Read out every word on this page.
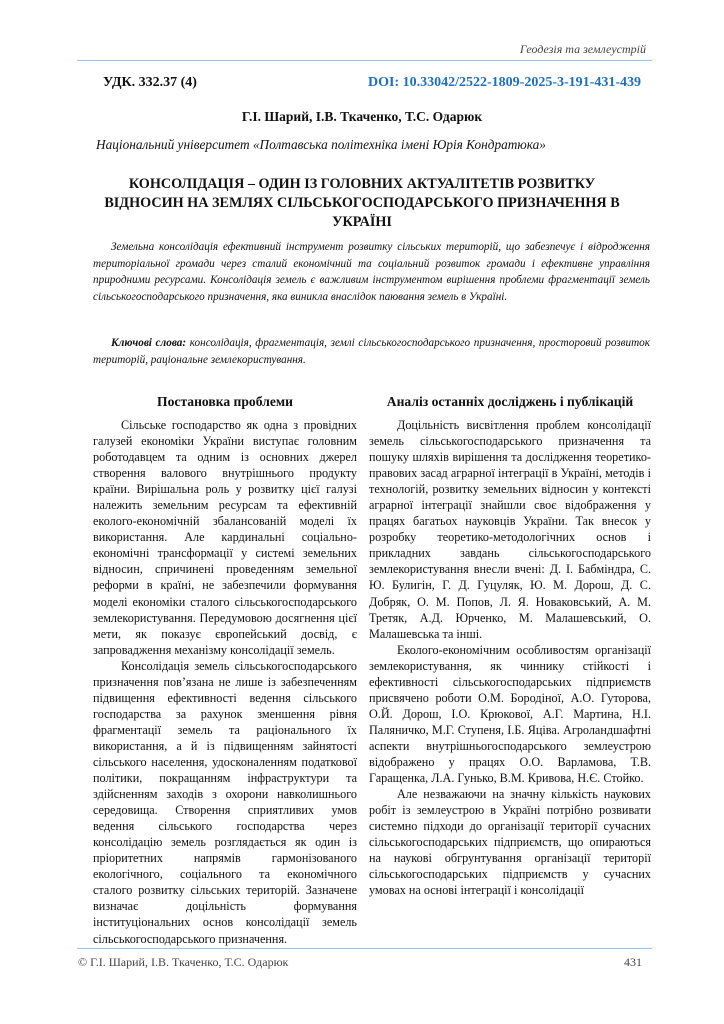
Геодезія та землеустрій
УДК. 332.37 (4)	DOI: 10.33042/2522-1809-2025-3-191-431-439
Г.І. Шарий, І.В. Ткаченко, Т.С. Одарюк
Національний університет «Полтавська політехніка імені Юрія Кондратюка»
КОНСОЛІДАЦІЯ – ОДИН ІЗ ГОЛОВНИХ АКТУАЛІТЕТІВ РОЗВИТКУ
ВІДНОСИН НА ЗЕМЛЯХ СІЛЬСЬКОГОСПОДАРСЬКОГО ПРИЗНАЧЕННЯ В
УКРАЇНІ

Земельна консолідація ефективний інструмент розвитку сільських територій, що забезпечує і відродження територіальної громади через сталий економічний та соціальний розвиток громади і ефективне управління природними ресурсами. Консолідація земель є важливим інструментом вирішення проблеми фрагментації земель сільськогосподарського призначення, яка виникла внаслідок паювання земель в Україні.

Ключові слова: консолідація, фрагментація, землі сільськогосподарського призначення, просторовий розвиток територій, раціональне землекористування.

Постановка проблеми

Сільське господарство як одна з провідних галузей економіки України виступає головним роботодавцем та одним із основних джерел створення валового внутрішнього продукту країни. Вирішальна роль у розвитку цієї галузі належить земельним ресурсам та ефективній еколого-економічній збалансованій моделі їх використання. Але кардинальні соціально-економічні трансформації у системі земельних відносин, спричинені проведенням земельної реформи в країні, не забезпечили формування моделі економіки сталого сільськогосподарського землекористування. Передумовою досягнення цієї мети, як показує європейський досвід, є запровадження механізму консолідації земель.

Консолідація земель сільськогосподарського призначення пов’язана не лише із забезпеченням підвищення ефективності ведення сільського господарства за рахунок зменшення рівня фрагментації земель та раціонального їх використання, а й із підвищенням зайнятості сільського населення, удосконаленням податкової політики, покращанням інфраструктури та здійсненням заходів з охорони навколишнього середовища. Створення сприятливих умов ведення сільського господарства через консолідацію земель розглядається як один із пріоритетних напрямів гармонізованого екологічного, соціального та економічного сталого розвитку сільських територій. Зазначене визначає доцільність формування інституціональних основ консолідації земель сільськогосподарського призначення.

Аналіз останніх досліджень і публікацій

Доцільність висвітлення проблем консолідації земель сільськогосподарського призначення та пошуку шляхів вирішення та дослідження теоретико-правових засад аграрної інтеграції в Україні, методів і технологій, розвитку земельних відносин у контексті аграрної інтеграції знайшли своє відображення у працях багатьох науковців України. Так внесок у розробку теоретико-методологічних основ і прикладних завдань сільськогосподарського землекористування внесли вчені: Д. І. Бабміндра, С. Ю. Булигін, Г. Д. Гуцуляк, Ю. М. Дорош, Д. С. Добряк, О. М. Попов, Л. Я. Новаковський, А. М. Третяк, А.Д. Юрченко, М. Малашевський, О. Малашевська та інші.

Еколого-економічним особливостям організації землекористування, як чиннику стійкості і ефективності сільськогосподарських підприємств присвячено роботи О.М. Бородіної, А.О. Гуторова, О.Й. Дорош, І.О. Крюкової, А.Г. Мартина, Н.І. Паляничко, М.Г. Ступеня, І.Б. Яціва. Агроландшафтні аспекти внутрішньогосподарського землеустрою відображено у працях О.О. Варламова, Т.В. Гаращенка, Л.А. Гунько, В.М. Кривова, Н.Є. Стойко.

Але незважаючи на значну кількість наукових робіт із землеустрою в Україні потрібно розвивати системно підходи до організації території сучасних сільськогосподарських підприємств, що опираються на наукові обгрунтування організації території сільськогосподарських підприємств у сучасних умовах на основі інтеграції і консолідації

© Г.І. Шарий, І.В. Ткаченко, Т.С. Одарюк	431
